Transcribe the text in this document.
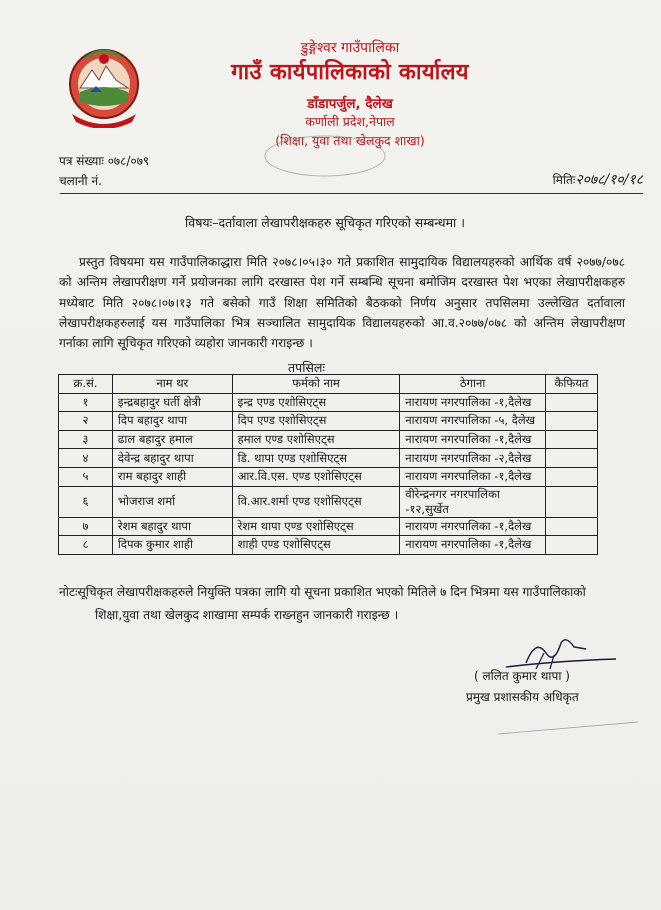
डुङ्गेश्वर गाउँपालिका
गाउँ कार्यपालिकाको कार्यालय
डाँडापर्जुल, दैलेख
कर्णाली प्रदेश,नेपाल
(शिक्षा, युवा तथा खेलकुद शाखा)
पत्र संख्याः ०७८/०७९
चलानी नं.	मितिः२०७८/१०/१८
विषयः–दर्तावाला लेखापरीक्षकहरु सूचिकृत गरिएको सम्बन्धमा ।
प्रस्तुत विषयमा यस गाउँपालिकाद्धारा मिति २०७८।०५।३० गते प्रकाशित सामुदायिक विद्यालयहरुको आर्थिक वर्ष २०७७/०७८ को अन्तिम लेखापरीक्षण गर्ने प्रयोजनका लागि दरखास्त पेश गर्ने सम्बन्धि सूचना बमोजिम दरखास्त पेश भएका लेखापरीक्षकहरु मध्येबाट मिति २०७८।०७।१३ गते बसेको गाउँ शिक्षा समितिको बैठकको निर्णय अनुसार तपसिलमा उल्लेखित दर्तावाला लेखापरीक्षकहरुलाई यस गाउँपालिका भित्र सञ्चालित सामुदायिक विद्यालयहरुको आ.व.२०७७/०७८ को अन्तिम लेखापरीक्षण गर्नाका लागि सूचिकृत गरिएको व्यहोरा जानकारी गराइन्छ ।
तपसिलः
क्र.सं.	नाम थर	फर्मको नाम	ठेगाना	कैफियत
१	इन्द्रबहादुर घर्ती क्षेत्री	इन्द्र एण्ड एशोसिएट्स	नारायण नगरपालिका -१,दैलेख	
२	दिप बहादुर थापा	दिप एण्ड एशोसिएट्स	नारायण नगरपालिका -५, दैलेख	
३	ढाल बहादुर हमाल	हमाल एण्ड एशोसिएट्स	नारायण नगरपालिका -१,दैलेख	
४	देवेन्द्र बहादुर थापा	डि. थापा एण्ड एशोसिएट्स	नारायण नगरपालिका -२,दैलेख	
५	राम बहादुर शाही	आर.वि.एस. एण्ड एशोसिएट्स	नारायण नगरपालिका -१,दैलेख	
६	भोजराज शर्मा	वि.आर.शर्मा एण्ड एशोसिएट्स	वीरेन्द्रनगर नगरपालिका -१२,सुर्खेत	
७	रेशम बहादुर थापा	रेशम थापा एण्ड एशोसिएट्स	नारायण नगरपालिका -१,दैलेख	
८	दिपक कुमार शाही	शाही एण्ड एशोसिएट्स	नारायण नगरपालिका -१,दैलेख	
नोटःसूचिकृत लेखापरीक्षकहरुले नियुक्ति पत्रका लागि यो सूचना प्रकाशित भएको मितिले ७ दिन भित्रमा यस गाउँपालिकाको
शिक्षा,युवा तथा खेलकुद शाखामा सम्पर्क राख्नहुन जानकारी गराइन्छ ।
( ललित कुमार थापा )
प्रमुख प्रशासकीय अधिकृत
